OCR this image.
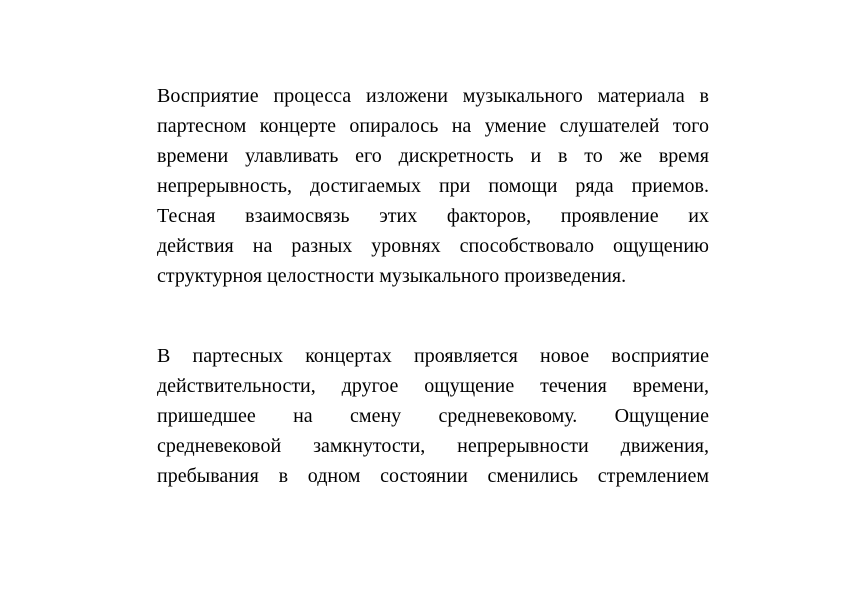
Восприятие процесса изложени музыкального материала в
партесном концерте опиралось на умение слушателей того
времени улавливать его дискретность и в то же время
непрерывность, достигаемых при помощи ряда приемов.
Тесная взаимосвязь этих факторов, проявление их
действия на разных уровнях способствовало ощущению
структурноя целостности музыкального произведения.
В партесных концертах проявляется новое восприятие
действительности, другое ощущение течения времени,
пришедшее на смену средневековому. Ощущение
средневековой замкнутости, непрерывности движения,
пребывания в одном состоянии сменились стремлением
